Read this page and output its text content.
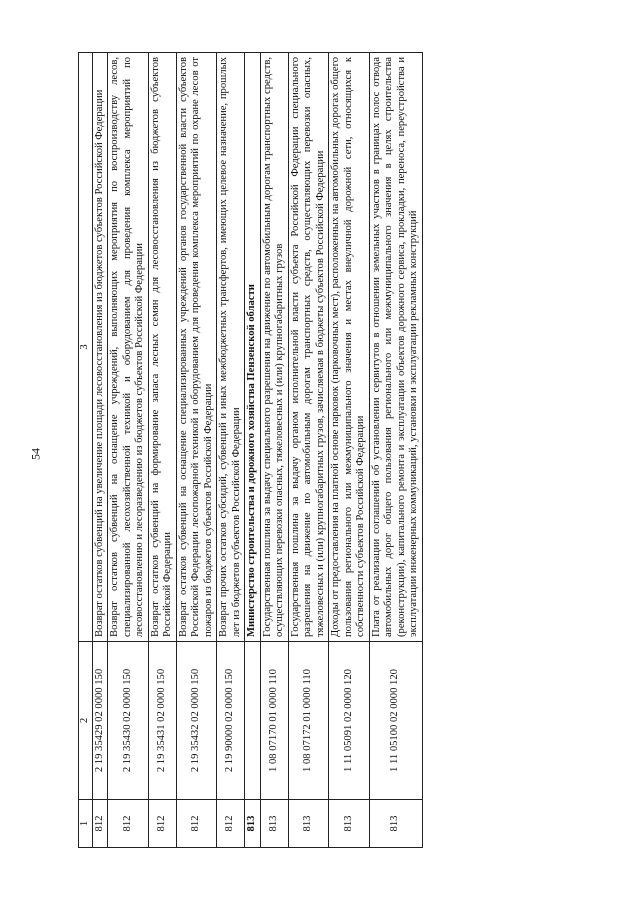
54
1	2	3
812	2 19 35429 02 0000 150	Возврат остатков субвенций на увеличение площади лесовосстановления из бюджетов субъектов Российской Федерации
812	2 19 35430 02 0000 150	Возврат остатков субвенций на оснащение учреждений, выполняющих мероприятия по воспроизводству лесов, специализированной лесохозяйственной техникой и оборудованием для проведения комплекса мероприятий по лесовосстановлению и лесоразведению из бюджетов субъектов Российской Федерации
812	2 19 35431 02 0000 150	Возврат остатков субвенций на формирование запаса лесных семян для лесовосстановления из бюджетов субъектов Российской Федерации
812	2 19 35432 02 0000 150	Возврат остатков субвенций на оснащение специализированных учреждений органов государственной власти субъектов Российской Федерации лесопожарной техникой и оборудованием для проведения комплекса мероприятий по охране лесов от пожаров из бюджетов субъектов Российской Федерации
812	2 19 90000 02 0000 150	Возврат прочих остатков субсидий, субвенций и иных межбюджетных трансфертов, имеющих целевое назначение, прошлых лет из бюджетов субъектов Российской Федерации
813		Министерство строительства и дорожного хозяйства Пензенской области
813	1 08 07170 01 0000 110	Государственная пошлина за выдачу специального разрешения на движение по автомобильным дорогам транспортных средств, осуществляющих перевозки опасных, тяжеловесных и (или) крупногабаритных грузов
813	1 08 07172 01 0000 110	Государственная пошлина за выдачу органом исполнительной власти субъекта Российской Федерации специального разрешения на движение по автомобильным дорогам транспортных средств, осуществляющих перевозки опасных, тяжеловесных и (или) крупногабаритных грузов, зачисляемая в бюджеты субъектов Российской Федерации
813	1 11 05091 02 0000 120	Доходы от предоставления на платной основе парковок (парковочных мест), расположенных на автомобильных дорогах общего пользования регионального или межмуниципального значения и местах внеуличной дорожной сети, относящихся к собственности субъектов Российской Федерации
813	1 11 05100 02 0000 120	Плата от реализации соглашений об установлении сервитутов в отношении земельных участков в границах полос отвода автомобильных дорог общего пользования регионального или межмуниципального значения в целях строительства (реконструкции), капитального ремонта и эксплуатации объектов дорожного сервиса, прокладки, переноса, переустройства и эксплуатации инженерных коммуникаций, установки и эксплуатации рекламных конструкций
